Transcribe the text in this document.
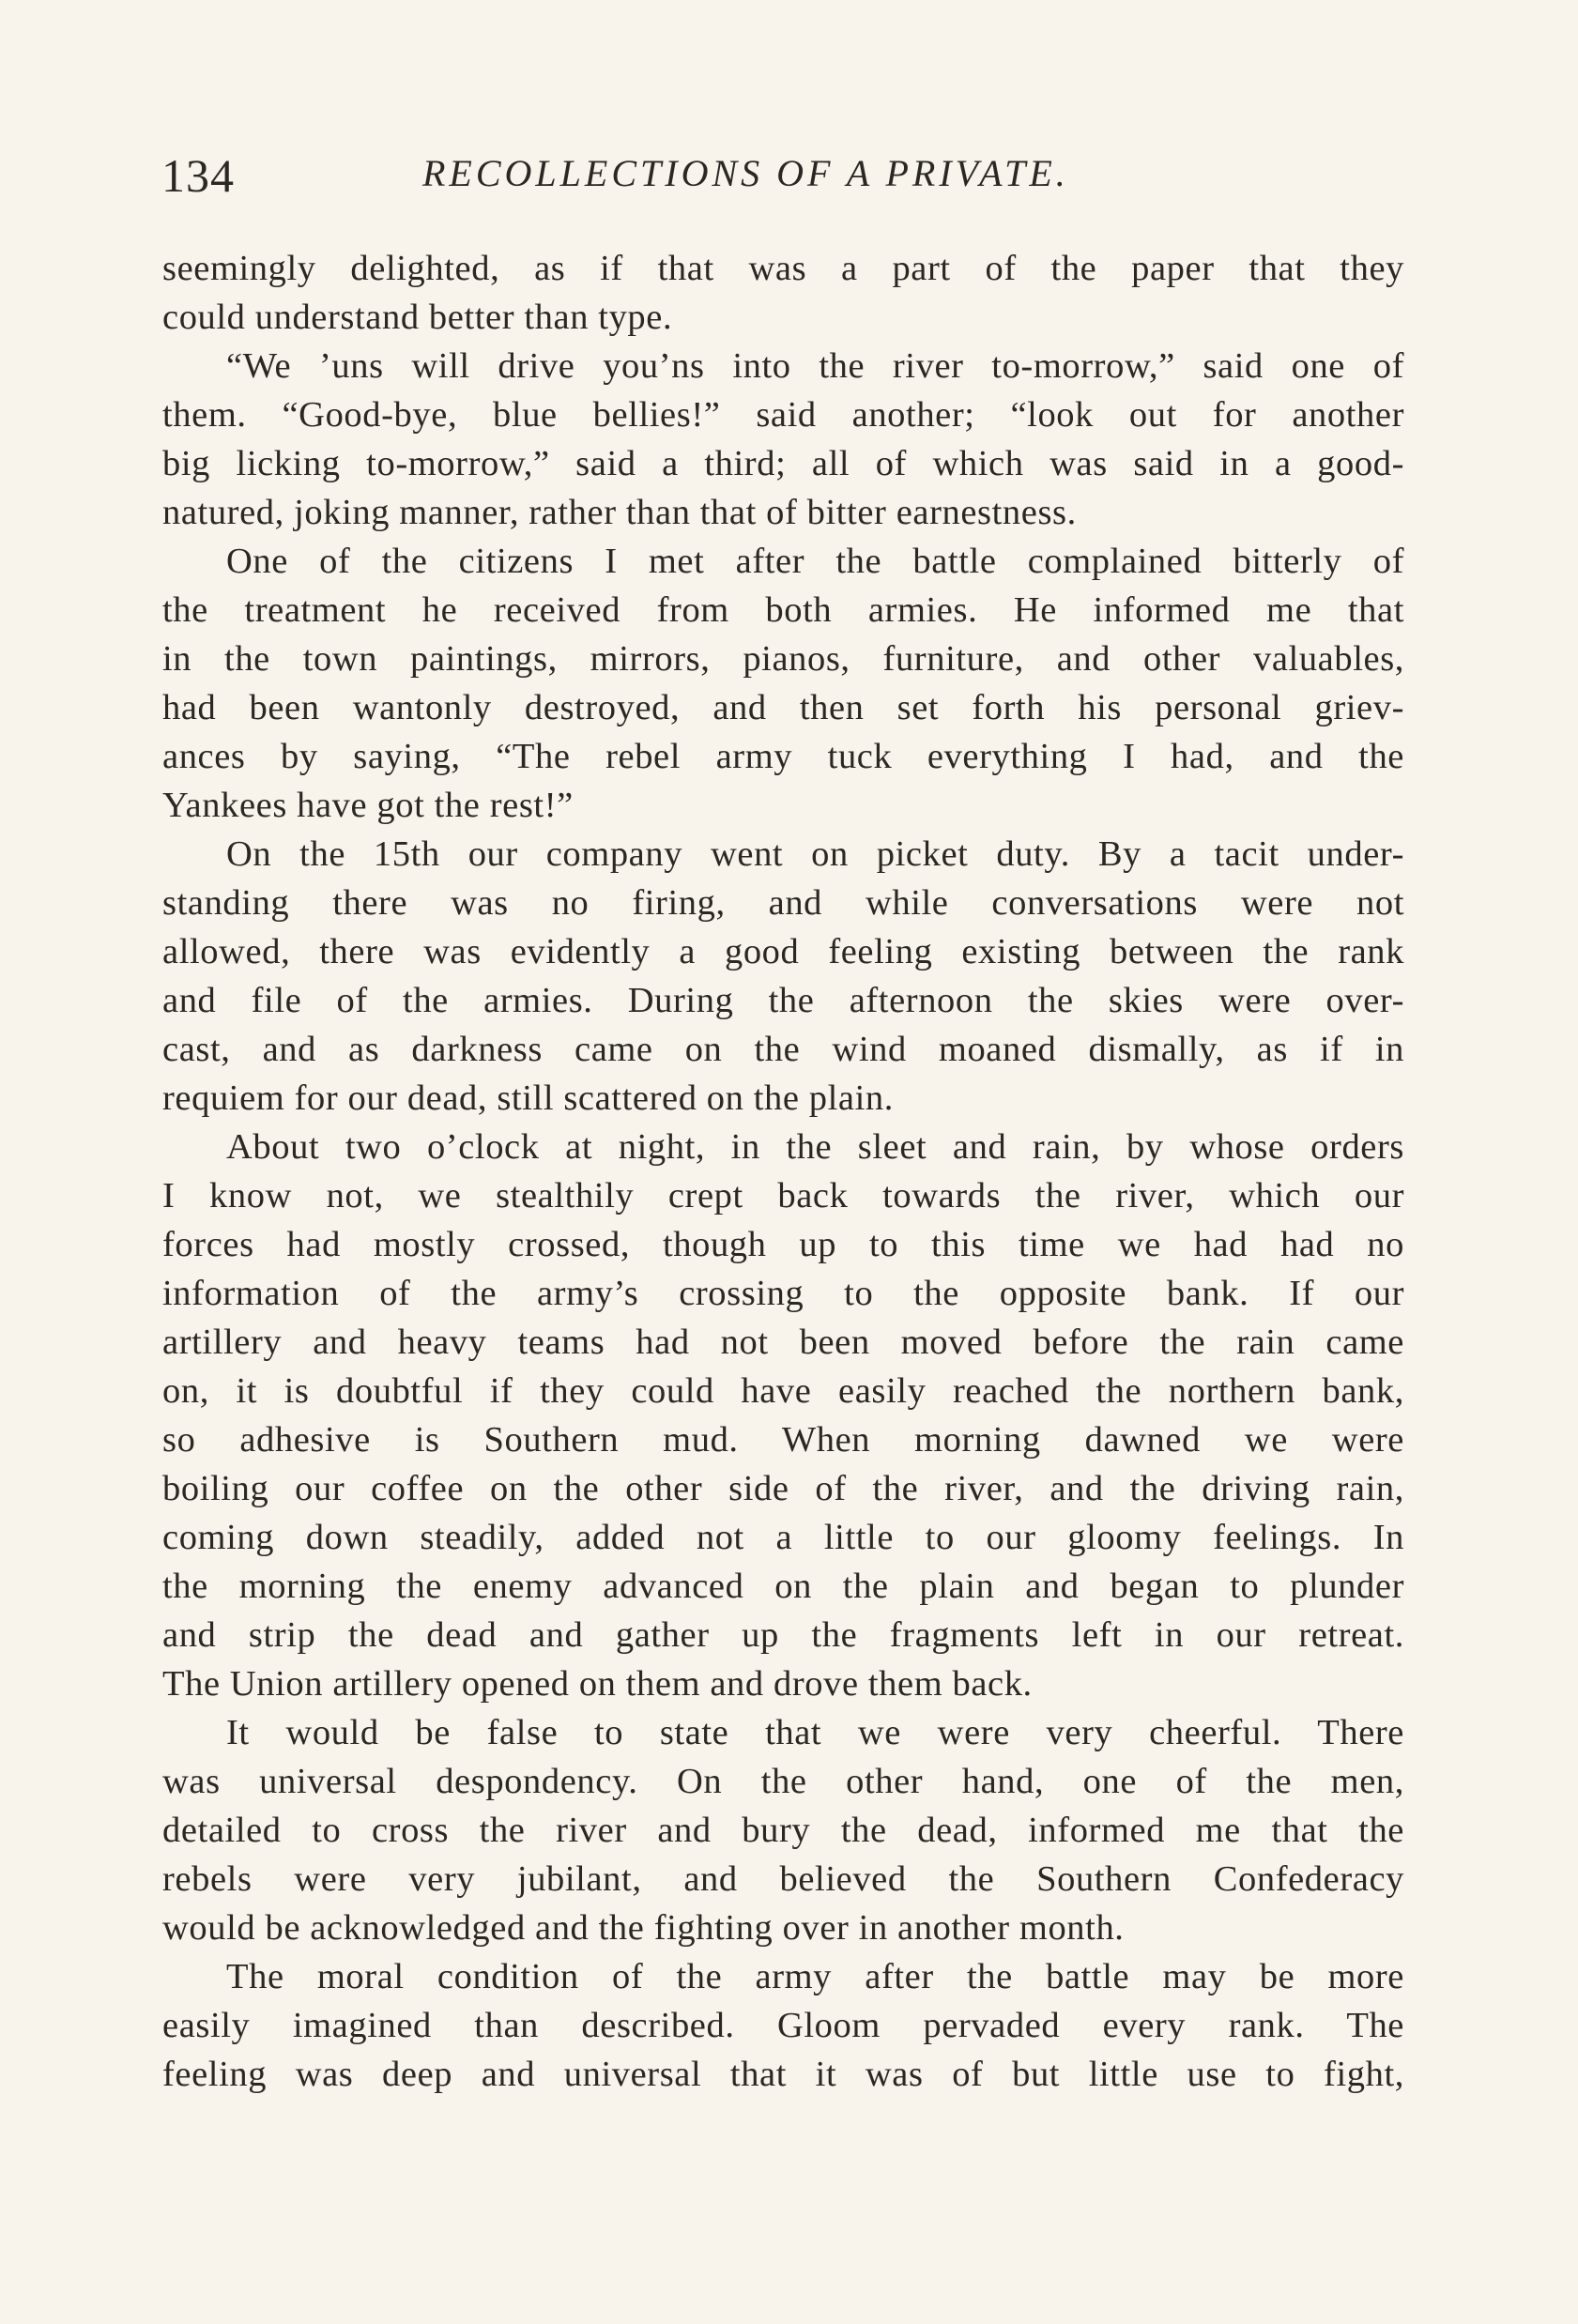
134	RECOLLECTIONS OF A PRIVATE.
seemingly delighted, as if that was a part of the paper that they
could understand better than type.
“We ’uns will drive you’ns into the river to-morrow,” said one of
them. “Good-bye, blue bellies!” said another; “look out for another
big licking to-morrow,” said a third; all of which was said in a good-
natured, joking manner, rather than that of bitter earnestness.
One of the citizens I met after the battle complained bitterly of
the treatment he received from both armies. He informed me that
in the town paintings, mirrors, pianos, furniture, and other valuables,
had been wantonly destroyed, and then set forth his personal griev-
ances by saying, “The rebel army tuck everything I had, and the
Yankees have got the rest!”
On the 15th our company went on picket duty. By a tacit under-
standing there was no firing, and while conversations were not
allowed, there was evidently a good feeling existing between the rank
and file of the armies. During the afternoon the skies were over-
cast, and as darkness came on the wind moaned dismally, as if in
requiem for our dead, still scattered on the plain.
About two o’clock at night, in the sleet and rain, by whose orders
I know not, we stealthily crept back towards the river, which our
forces had mostly crossed, though up to this time we had had no
information of the army’s crossing to the opposite bank. If our
artillery and heavy teams had not been moved before the rain came
on, it is doubtful if they could have easily reached the northern bank,
so adhesive is Southern mud. When morning dawned we were
boiling our coffee on the other side of the river, and the driving rain,
coming down steadily, added not a little to our gloomy feelings. In
the morning the enemy advanced on the plain and began to plunder
and strip the dead and gather up the fragments left in our retreat.
The Union artillery opened on them and drove them back.
It would be false to state that we were very cheerful. There
was universal despondency. On the other hand, one of the men,
detailed to cross the river and bury the dead, informed me that the
rebels were very jubilant, and believed the Southern Confederacy
would be acknowledged and the fighting over in another month.
The moral condition of the army after the battle may be more
easily imagined than described. Gloom pervaded every rank. The
feeling was deep and universal that it was of but little use to fight,
